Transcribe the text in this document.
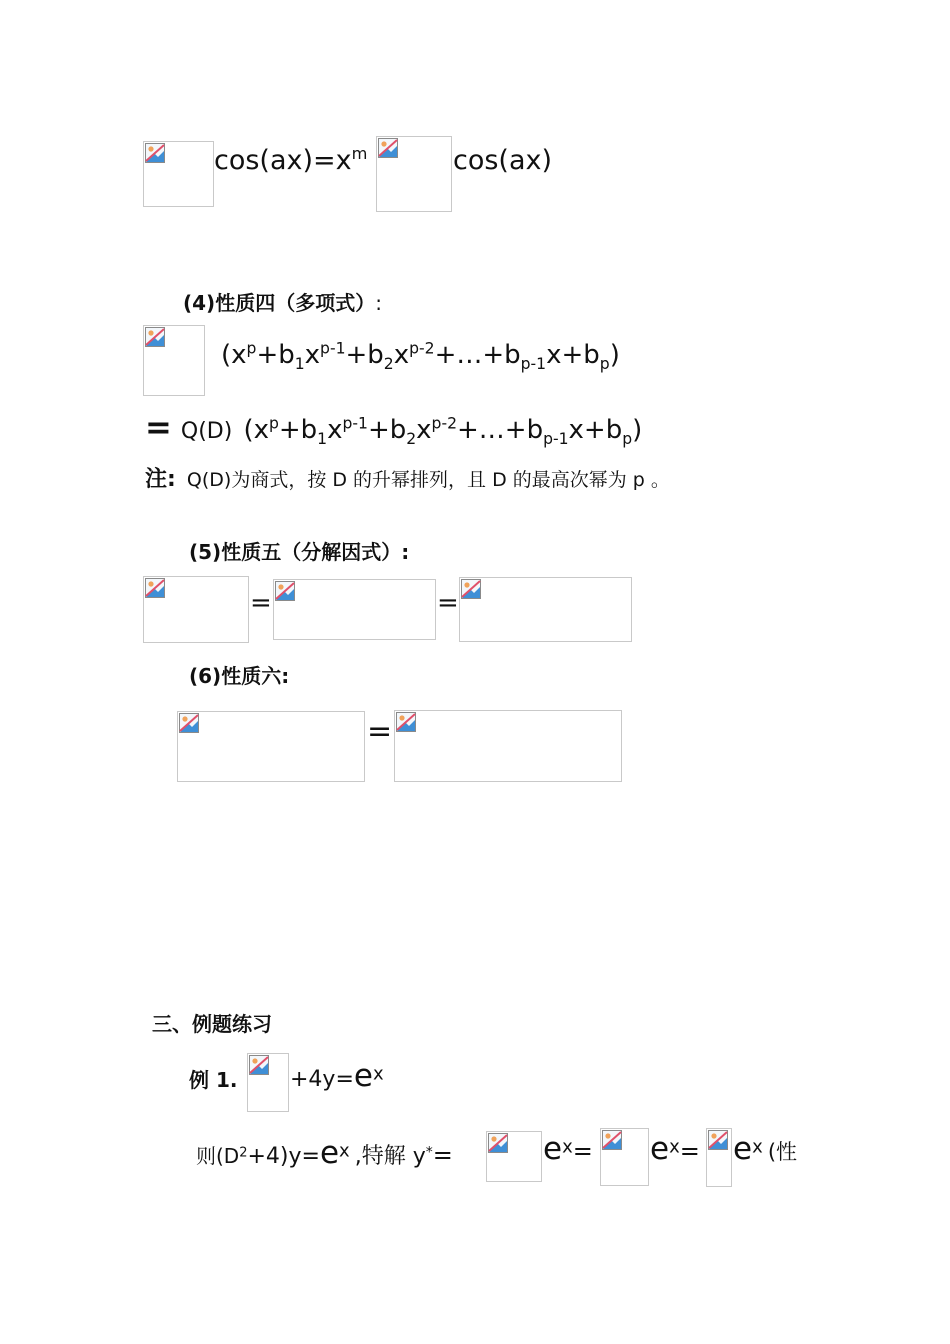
$\cos(ax)=x^m$	cos(ax)
(4)性质四（多项式）:
$(x^p+b_1x^{p-1}+b_2x^{p-2}+\dots+b_{p-1}x+b_p)$
= Q(D) $(x^p+b_1x^{p-1}+b_2x^{p-2}+\dots+b_{p-1}x+b_p)$
注: Q(D)为商式，按 D 的升幂排列，且 D 的最高次幂为 p 。
(5)性质五（分解因式）:
=	=
(6)性质六:
=
三、例题练习
例 1. $+4y=e^x$
则$(D^2+4)y=e^x$ ,特解 y*=	$e^x= e^x= e^x$ (性
